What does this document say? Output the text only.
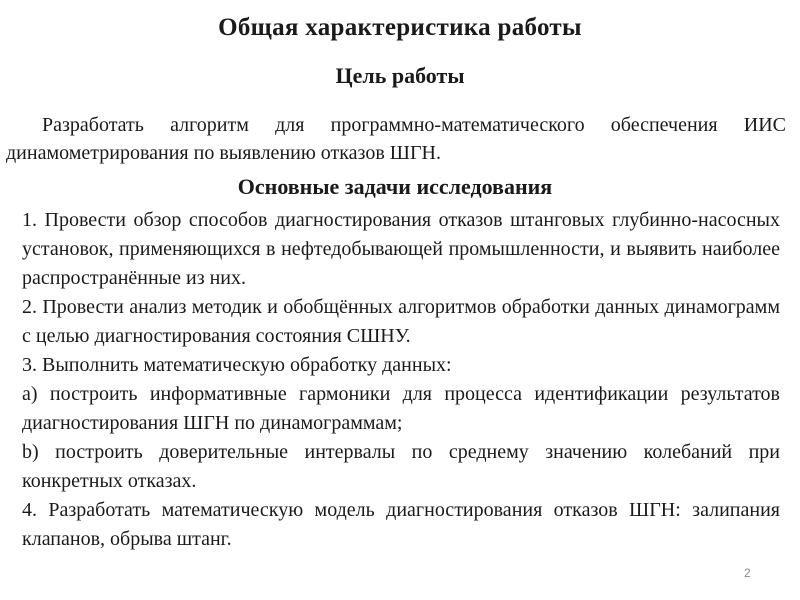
Общая характеристика работы
Цель работы
Разработать алгоритм для программно-математического обеспечения ИИС динамометрирования по выявлению отказов ШГН.
Основные задачи исследования

1. Провести обзор способов диагностирования отказов штанговых глубинно-насосных установок, применяющихся в нефтедобывающей промышленности, и выявить наиболее распространённые из них.

2. Провести анализ методик и обобщённых алгоритмов обработки данных динамограмм с целью диагностирования состояния СШНУ.

3. Выполнить математическую обработку данных:

a) построить информативные гармоники для процесса идентификации результатов диагностирования ШГН по динамограммам;

b) построить доверительные интервалы по среднему значению колебаний при конкретных отказах.

4. Разработать математическую модель диагностирования отказов ШГН: залипания клапанов, обрыва штанг.

2
